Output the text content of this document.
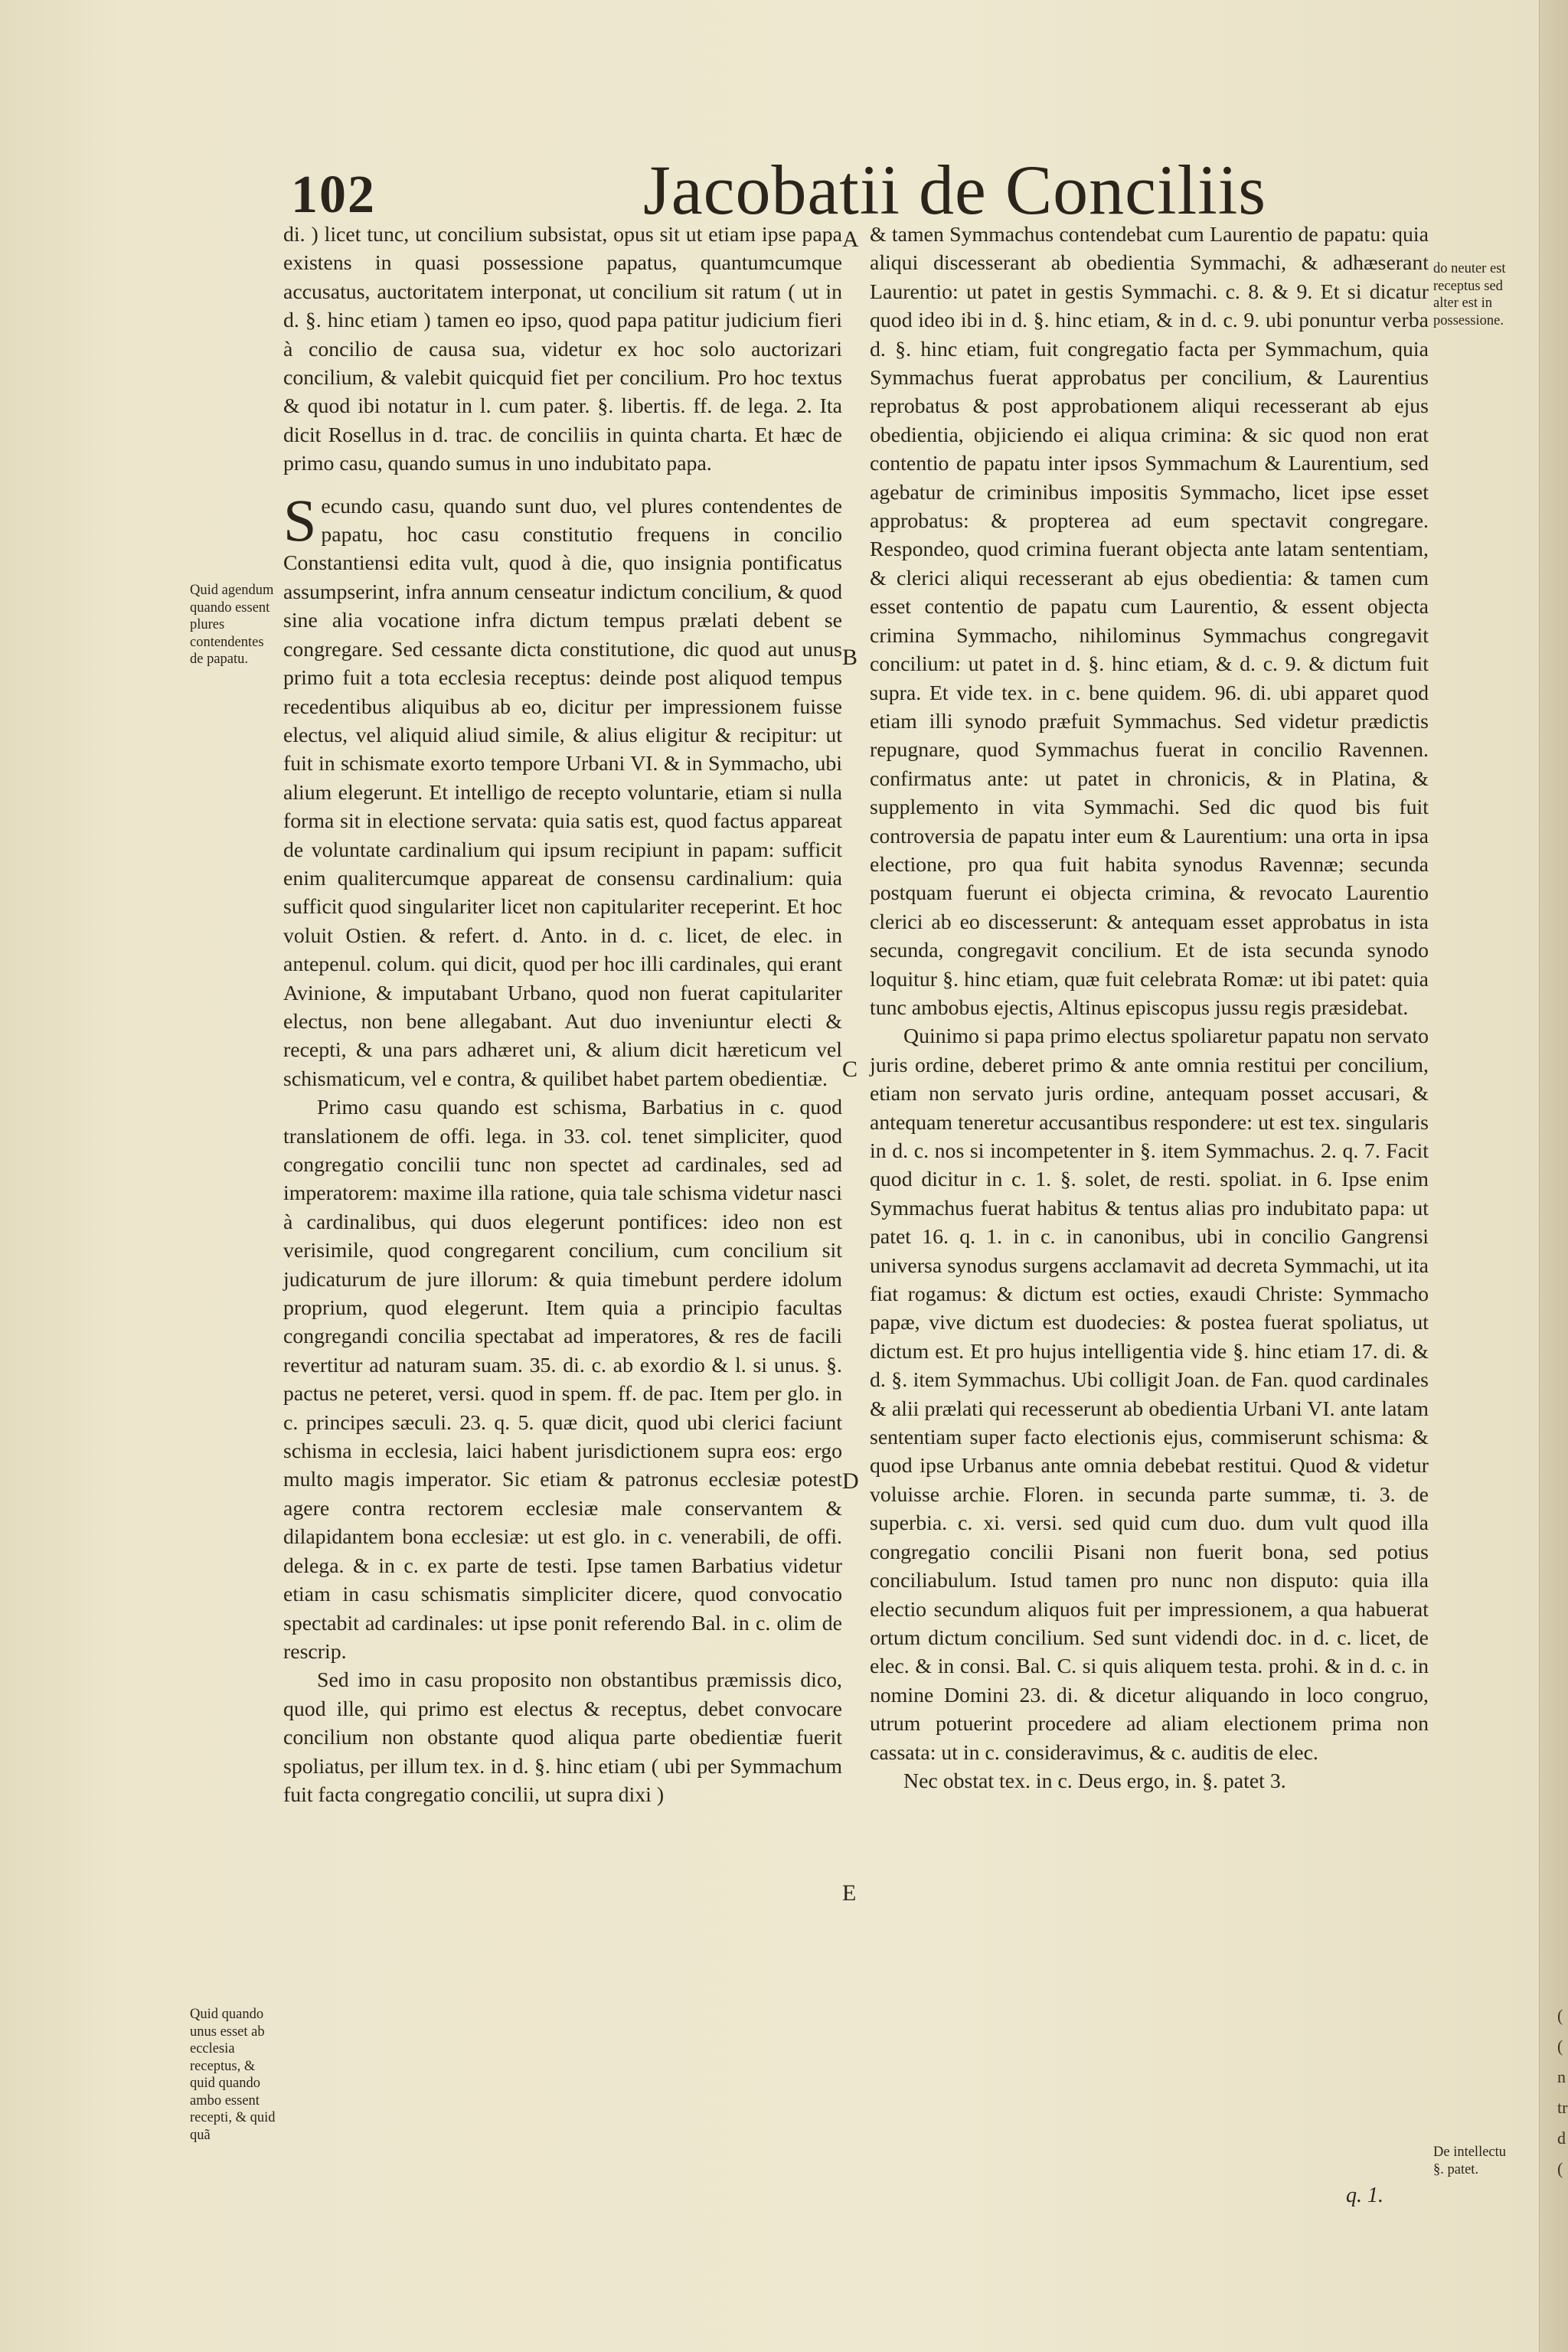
(
(
n
tr
d
(
102	Jacobatii de Conciliis

di. ) licet tunc, ut concilium subsistat, opus sit ut etiam ipse papa existens in quasi possessione papatus, quantumcumque accusatus, auctoritatem interponat, ut concilium sit ratum ( ut in d. §. hinc etiam ) tamen eo ipso, quod papa patitur judicium fieri à concilio de causa sua, videtur ex hoc solo auctorizari concilium, & valebit quicquid fiet per concilium. Pro hoc textus & quod ibi notatur in l. cum pater. §. libertis. ff. de lega. 2. Ita dicit Rosellus in d. trac. de conciliis in quinta charta. Et hæc de primo casu, quando sumus in uno indubitato papa.

Secundo casu, quando sunt duo, vel plures contendentes de papatu, hoc casu constitutio frequens in concilio Constantiensi edita vult, quod à die, quo insignia pontificatus assumpserint, infra annum censeatur indictum concilium, & quod sine alia vocatione infra dictum tempus prælati debent se congregare. Sed cessante dicta constitutione, dic quod aut unus primo fuit a tota ecclesia receptus: deinde post aliquod tempus recedentibus aliquibus ab eo, dicitur per impressionem fuisse electus, vel aliquid aliud simile, & alius eligitur & recipitur: ut fuit in schismate exorto tempore Urbani VI. & in Symmacho, ubi alium elegerunt. Et intelligo de recepto voluntarie, etiam si nulla forma sit in electione servata: quia satis est, quod factus appareat de voluntate cardinalium qui ipsum recipiunt in papam: sufficit enim qualitercumque appareat de consensu cardinalium: quia sufficit quod singulariter licet non capitulariter receperint. Et hoc voluit Ostien. & refert. d. Anto. in d. c. licet, de elec. in antepenul. colum. qui dicit, quod per hoc illi cardinales, qui erant Avinione, & imputabant Urbano, quod non fuerat capitulariter electus, non bene allegabant. Aut duo inveniuntur electi & recepti, & una pars adhæret uni, & alium dicit hæreticum vel schismaticum, vel e contra, & quilibet habet partem obedientiæ.

Primo casu quando est schisma, Barbatius in c. quod translationem de offi. lega. in 33. col. tenet simpliciter, quod congregatio concilii tunc non spectet ad cardinales, sed ad imperatorem: maxime illa ratione, quia tale schisma videtur nasci à cardinalibus, qui duos elegerunt pontifices: ideo non est verisimile, quod congregarent concilium, cum concilium sit judicaturum de jure illorum: & quia timebunt perdere idolum proprium, quod elegerunt. Item quia a principio facultas congregandi concilia spectabat ad imperatores, & res de facili revertitur ad naturam suam. 35. di. c. ab exordio & l. si unus. §. pactus ne peteret, versi. quod in spem. ff. de pac. Item per glo. in c. principes sæculi. 23. q. 5. quæ dicit, quod ubi clerici faciunt schisma in ecclesia, laici habent jurisdictionem supra eos: ergo multo magis imperator. Sic etiam & patronus ecclesiæ potest agere contra rectorem ecclesiæ male conservantem & dilapidantem bona ecclesiæ: ut est glo. in c. venerabili, de offi. delega. & in c. ex parte de testi. Ipse tamen Barbatius videtur etiam in casu schismatis simpliciter dicere, quod convocatio spectabit ad cardinales: ut ipse ponit referendo Bal. in c. olim de rescrip.

Sed imo in casu proposito non obstantibus præmissis dico, quod ille, qui primo est electus & receptus, debet convocare concilium non obstante quod aliqua parte obedientiæ fuerit spoliatus, per illum tex. in d. §. hinc etiam ( ubi per Symmachum fuit facta congregatio concilii, ut supra dixi )

& tamen Symmachus contendebat cum Laurentio de papatu: quia aliqui discesserant ab obedientia Symmachi, & adhæserant Laurentio: ut patet in gestis Symmachi. c. 8. & 9. Et si dicatur quod ideo ibi in d. §. hinc etiam, & in d. c. 9. ubi ponuntur verba d. §. hinc etiam, fuit congregatio facta per Symmachum, quia Symmachus fuerat approbatus per concilium, & Laurentius reprobatus & post approbationem aliqui recesserant ab ejus obedientia, objiciendo ei aliqua crimina: & sic quod non erat contentio de papatu inter ipsos Symmachum & Laurentium, sed agebatur de criminibus impositis Symmacho, licet ipse esset approbatus: & propterea ad eum spectavit congregare. Respondeo, quod crimina fuerant objecta ante latam sententiam, & clerici aliqui recesserant ab ejus obedientia: & tamen cum esset contentio de papatu cum Laurentio, & essent objecta crimina Symmacho, nihilominus Symmachus congregavit concilium: ut patet in d. §. hinc etiam, & d. c. 9. & dictum fuit supra. Et vide tex. in c. bene quidem. 96. di. ubi apparet quod etiam illi synodo præfuit Symmachus. Sed videtur prædictis repugnare, quod Symmachus fuerat in concilio Ravennen. confirmatus ante: ut patet in chronicis, & in Platina, & supplemento in vita Symmachi. Sed dic quod bis fuit controversia de papatu inter eum & Laurentium: una orta in ipsa electione, pro qua fuit habita synodus Ravennæ; secunda postquam fuerunt ei objecta crimina, & revocato Laurentio clerici ab eo discesserunt: & antequam esset approbatus in ista secunda, congregavit concilium. Et de ista secunda synodo loquitur §. hinc etiam, quæ fuit celebrata Romæ: ut ibi patet: quia tunc ambobus ejectis, Altinus episcopus jussu regis præsidebat.

Quinimo si papa primo electus spoliaretur papatu non servato juris ordine, deberet primo & ante omnia restitui per concilium, etiam non servato juris ordine, antequam posset accusari, & antequam teneretur accusantibus respondere: ut est tex. singularis in d. c. nos si incompetenter in §. item Symmachus. 2. q. 7. Facit quod dicitur in c. 1. §. solet, de resti. spoliat. in 6. Ipse enim Symmachus fuerat habitus & tentus alias pro indubitato papa: ut patet 16. q. 1. in c. in canonibus, ubi in concilio Gangrensi universa synodus surgens acclamavit ad decreta Symmachi, ut ita fiat rogamus: & dictum est octies, exaudi Christe: Symmacho papæ, vive dictum est duodecies: & postea fuerat spoliatus, ut dictum est. Et pro hujus intelligentia vide §. hinc etiam 17. di. & d. §. item Symmachus. Ubi colligit Joan. de Fan. quod cardinales & alii prælati qui recesserunt ab obedientia Urbani VI. ante latam sententiam super facto electionis ejus, commiserunt schisma: & quod ipse Urbanus ante omnia debebat restitui. Quod & videtur voluisse archie. Floren. in secunda parte summæ, ti. 3. de superbia. c. xi. versi. sed quid cum duo. dum vult quod illa congregatio concilii Pisani non fuerit bona, sed potius conciliabulum. Istud tamen pro nunc non disputo: quia illa electio secundum aliquos fuit per impressionem, a qua habuerat ortum dictum concilium. Sed sunt videndi doc. in d. c. licet, de elec. & in consi. Bal. C. si quis aliquem testa. prohi. & in d. c. in nomine Domini 23. di. & dicetur aliquando in loco congruo, utrum potuerint procedere ad aliam electionem prima non cassata: ut in c. consideravimus, & c. auditis de elec.

Nec obstat tex. in c. Deus ergo, in. §. patet 3.

Quid agendum quando essent plures contendentes de papatu.
Quid quando unus esset ab ecclesia receptus, & quid quando ambo essent recepti, & quid quã
do neuter est receptus sed alter est in possessione.
De intellectu §. patet.
A
B
C
D
E
q. 1.
